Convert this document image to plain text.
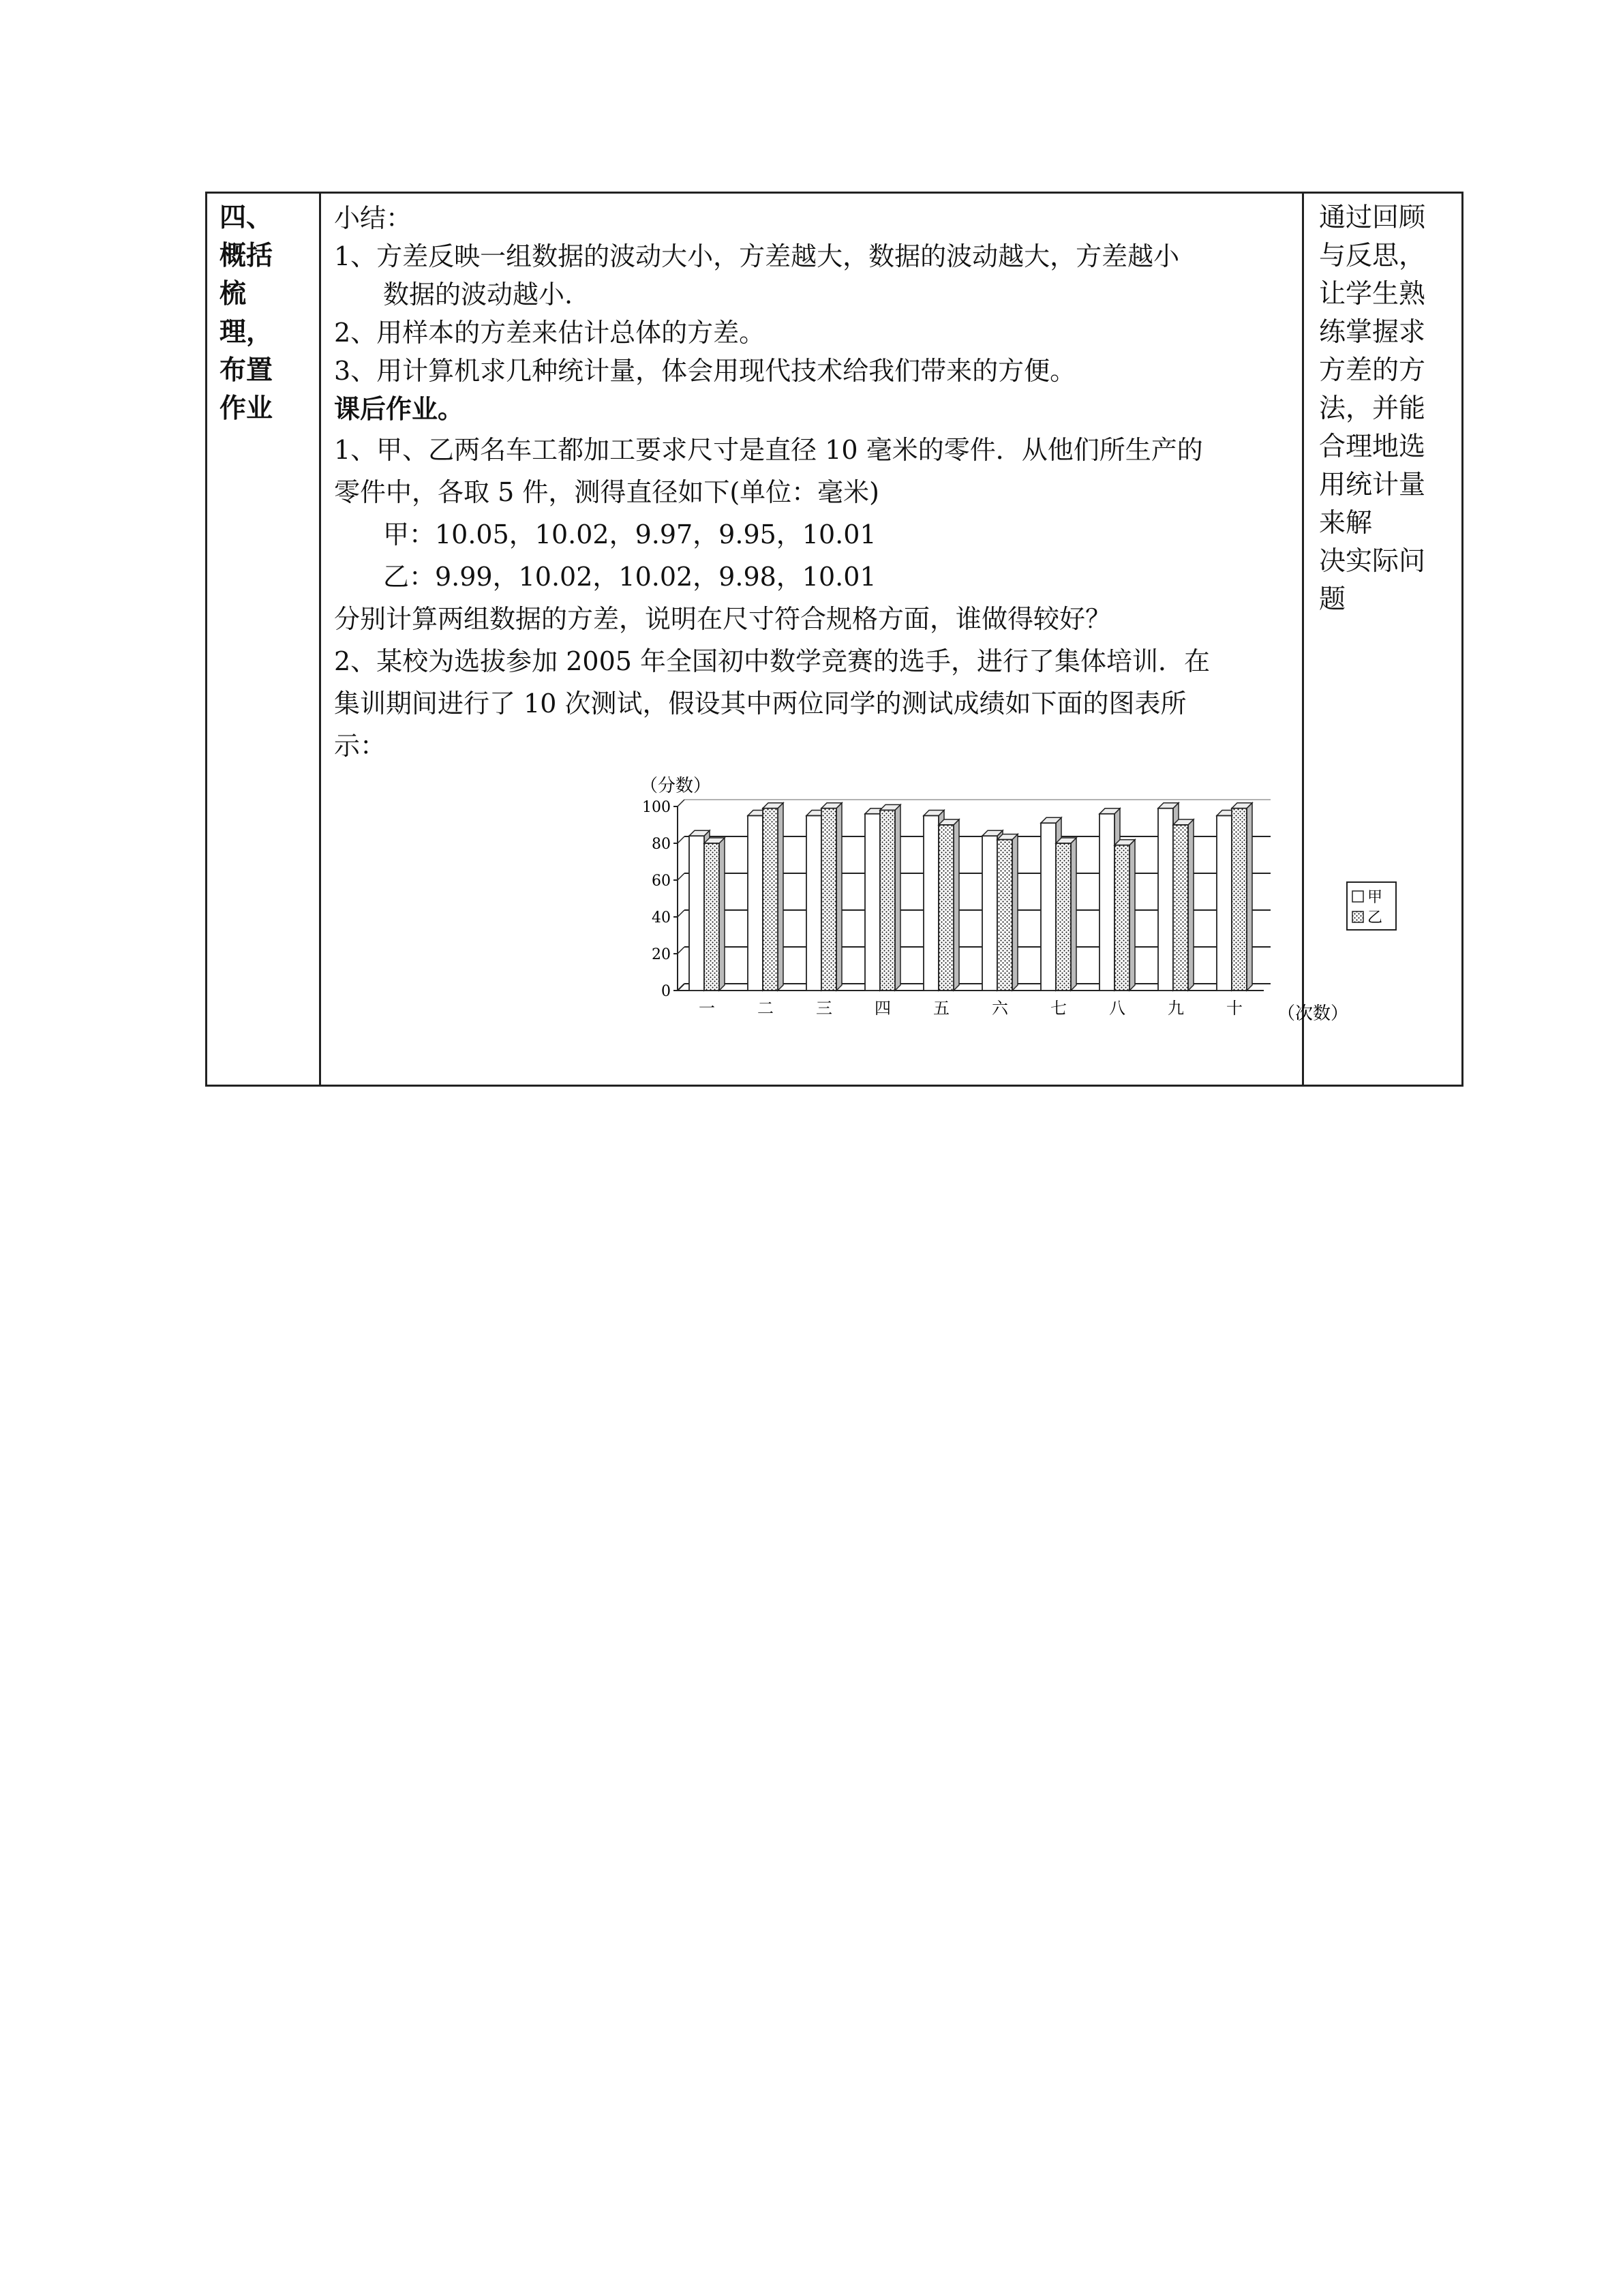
四、
概括
梳
理，
布置
作业

小结：

1、方差反映一组数据的波动大小，方差越大，数据的波动越大，方差越小

数据的波动越小.

2、用样本的方差来估计总体的方差。

3、用计算机求几种统计量，体会用现代技术给我们带来的方便。

课后作业。

1、甲、乙两名车工都加工要求尺寸是直径 10 毫米的零件．从他们所生产的

零件中，各取 5 件，测得直径如下(单位：毫米)

甲：10.05，10.02，9.97，9.95，10.01

乙：9.99，10.02，10.02，9.98，10.01

分别计算两组数据的方差，说明在尺寸符合规格方面，谁做得较好？

2、某校为选拔参加 2005 年全国初中数学竞赛的选手，进行了集体培训．在

集训期间进行了 10 次测试，假设其中两位同学的测试成绩如下面的图表所

示：

（分数）
（次数）
0
20
40
60
80
100
一	二	三	四	五	六	七	八	九	十
甲
乙
通过回顾
与反思，
让学生熟
练掌握求
方差的方
法，并能
合理地选
用统计量
来解
决实际问
题
